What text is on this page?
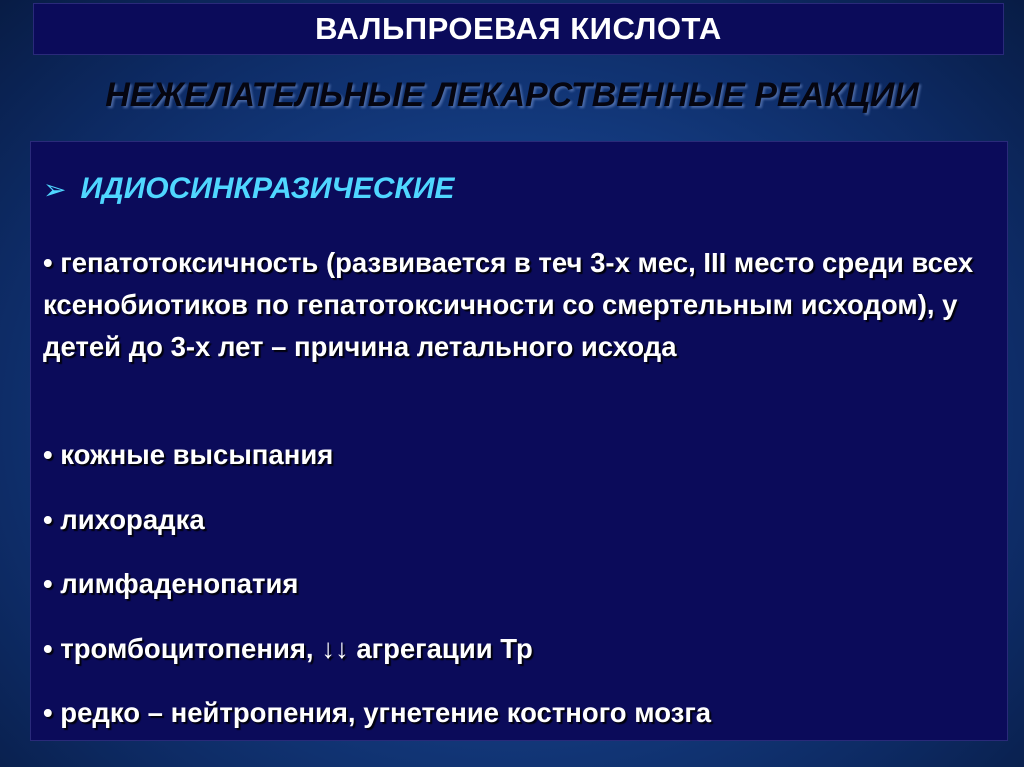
ВАЛЬПРОЕВАЯ КИСЛОТА
НЕЖЕЛАТЕЛЬНЫЕ ЛЕКАРСТВЕННЫЕ РЕАКЦИИ
➢ ИДИОСИНКРАЗИЧЕСКИЕ
• гепатотоксичность (развивается в теч 3-х мес, III место среди всех ксенобиотиков по гепатотоксичности со смертельным исходом), у детей до 3-х лет – причина летального исхода
• кожные высыпания
• лихорадка
• лимфаденопатия
• тромбоцитопения, ↓↓ агрегации Тр
• редко – нейтропения, угнетение костного мозга
